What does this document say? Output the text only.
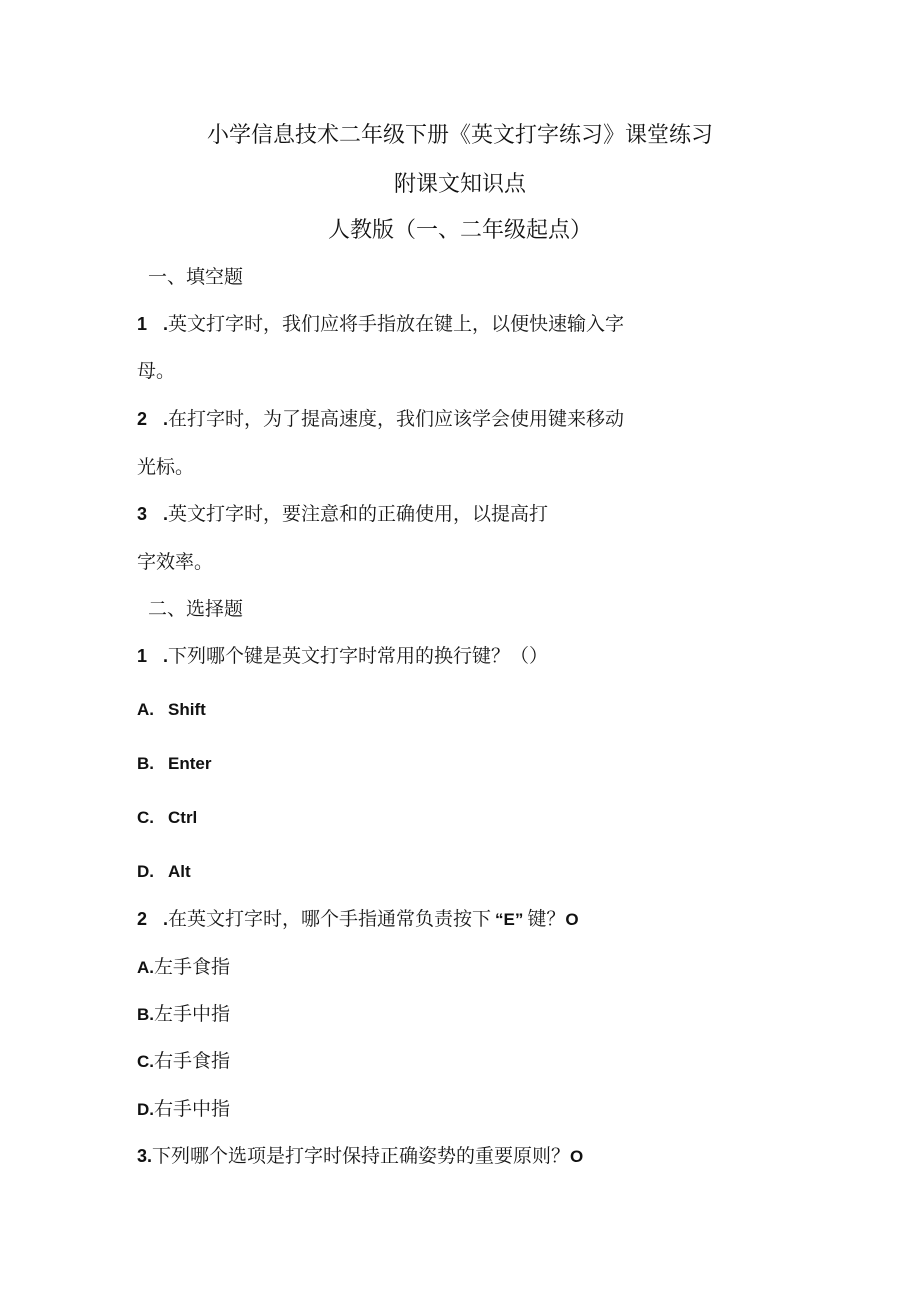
小学信息技术二年级下册《英文打字练习》课堂练习

附课文知识点

人教版（一、二年级起点）

一、填空题

1 .英文打字时，我们应将手指放在键上，以便快速输入字

母。

2 .在打字时，为了提高速度，我们应该学会使用键来移动

光标。

3 .英文打字时，要注意和的正确使用，以提高打

字效率。

二、选择题

1 .下列哪个键是英文打字时常用的换行键？（）

A. Shift

B. Enter

C. Ctrl

D. Alt

2 .在英文打字时，哪个手指通常负责按下 “E” 键？O

A.左手食指

B.左手中指

C.右手食指

D.右手中指

3.下列哪个选项是打字时保持正确姿势的重要原则？O
